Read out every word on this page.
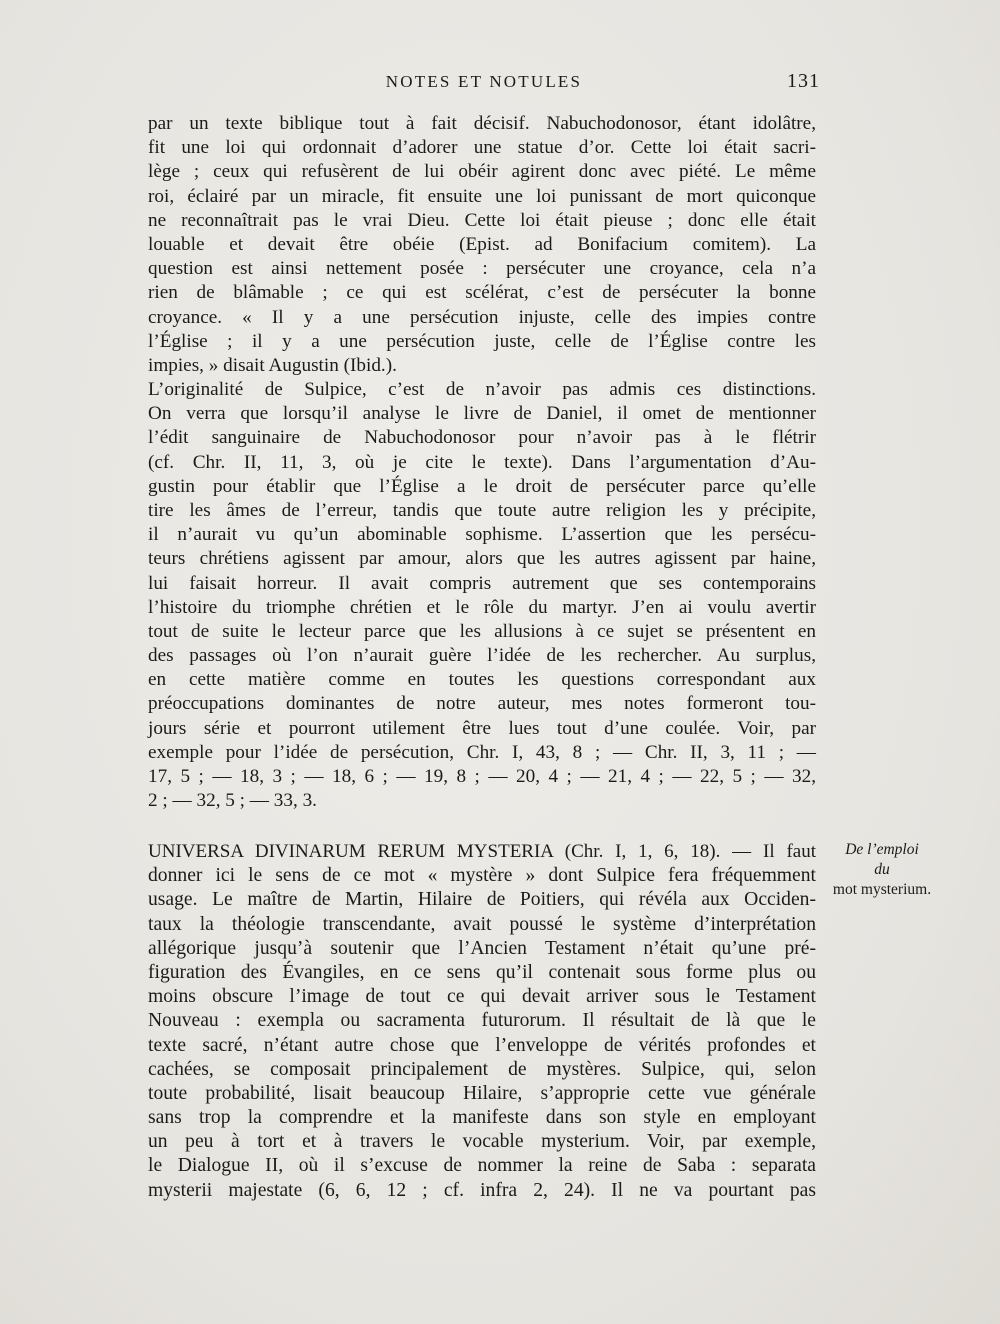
NOTES ET NOTULES	131
par un texte biblique tout à fait décisif. Nabuchodonosor, étant idolâtre,
fit une loi qui ordonnait d’adorer une statue d’or. Cette loi était sacri-
lège ; ceux qui refusèrent de lui obéir agirent donc avec piété. Le même
roi, éclairé par un miracle, fit ensuite une loi punissant de mort quiconque
ne reconnaîtrait pas le vrai Dieu. Cette loi était pieuse ; donc elle était
louable et devait être obéie (Epist. ad Bonifacium comitem). La
question est ainsi nettement posée : persécuter une croyance, cela n’a
rien de blâmable ; ce qui est scélérat, c’est de persécuter la bonne
croyance. « Il y a une persécution injuste, celle des impies contre
l’Église ; il y a une persécution juste, celle de l’Église contre les
impies, » disait Augustin (Ibid.).
L’originalité de Sulpice, c’est de n’avoir pas admis ces distinctions.
On verra que lorsqu’il analyse le livre de Daniel, il omet de mentionner
l’édit sanguinaire de Nabuchodonosor pour n’avoir pas à le flétrir
(cf. Chr. II, 11, 3, où je cite le texte). Dans l’argumentation d’Au-
gustin pour établir que l’Église a le droit de persécuter parce qu’elle
tire les âmes de l’erreur, tandis que toute autre religion les y précipite,
il n’aurait vu qu’un abominable sophisme. L’assertion que les persécu-
teurs chrétiens agissent par amour, alors que les autres agissent par haine,
lui faisait horreur. Il avait compris autrement que ses contemporains
l’histoire du triomphe chrétien et le rôle du martyr. J’en ai voulu avertir
tout de suite le lecteur parce que les allusions à ce sujet se présentent en
des passages où l’on n’aurait guère l’idée de les rechercher. Au surplus,
en cette matière comme en toutes les questions correspondant aux
préoccupations dominantes de notre auteur, mes notes formeront tou-
jours série et pourront utilement être lues tout d’une coulée. Voir, par
exemple pour l’idée de persécution, Chr. I, 43, 8 ; — Chr. II, 3, 11 ; —
17, 5 ; — 18, 3 ; — 18, 6 ; — 19, 8 ; — 20, 4 ; — 21, 4 ; — 22, 5 ; — 32,
2 ; — 32, 5 ; — 33, 3.
UNIVERSA DIVINARUM RERUM MYSTERIA (Chr. I, 1, 6, 18). — Il faut
donner ici le sens de ce mot « mystère » dont Sulpice fera fréquemment
usage. Le maître de Martin, Hilaire de Poitiers, qui révéla aux Occiden-
taux la théologie transcendante, avait poussé le système d’interprétation
allégorique jusqu’à soutenir que l’Ancien Testament n’était qu’une pré-
figuration des Évangiles, en ce sens qu’il contenait sous forme plus ou
moins obscure l’image de tout ce qui devait arriver sous le Testament
Nouveau : exempla ou sacramenta futurorum. Il résultait de là que le
texte sacré, n’étant autre chose que l’enveloppe de vérités profondes et
cachées, se composait principalement de mystères. Sulpice, qui, selon
toute probabilité, lisait beaucoup Hilaire, s’approprie cette vue générale
sans trop la comprendre et la manifeste dans son style en employant
un peu à tort et à travers le vocable mysterium. Voir, par exemple,
le Dialogue II, où il s’excuse de nommer la reine de Saba : separata
mysterii majestate (6, 6, 12 ; cf. infra 2, 24). Il ne va pourtant pas
De l’emploi
du
mot mysterium.
